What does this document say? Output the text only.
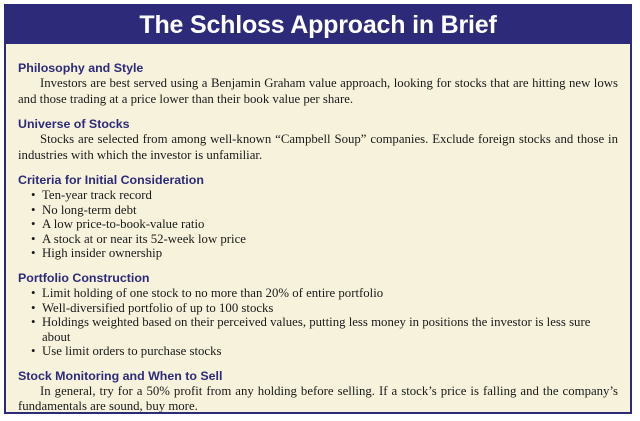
The Schloss Approach in Brief

Philosophy and Style

Investors are best served using a Benjamin Graham value approach, looking for stocks that are hitting new lows and those trading at a price lower than their book value per share.

Universe of Stocks

Stocks are selected from among well-known “Campbell Soup” companies. Exclude foreign stocks and those in industries with which the investor is unfamiliar.

Criteria for Initial Consideration

• Ten-year track record
• No long-term debt
• A low price-to-book-value ratio
• A stock at or near its 52-week low price
• High insider ownership

Portfolio Construction

• Limit holding of one stock to no more than 20% of entire portfolio
• Well-diversified portfolio of up to 100 stocks
• Holdings weighted based on their perceived values, putting less money in positions the investor is less sure about
• Use limit orders to purchase stocks

Stock Monitoring and When to Sell

In general, try for a 50% profit from any holding before selling. If a stock’s price is falling and the company’s fundamentals are sound, buy more.
